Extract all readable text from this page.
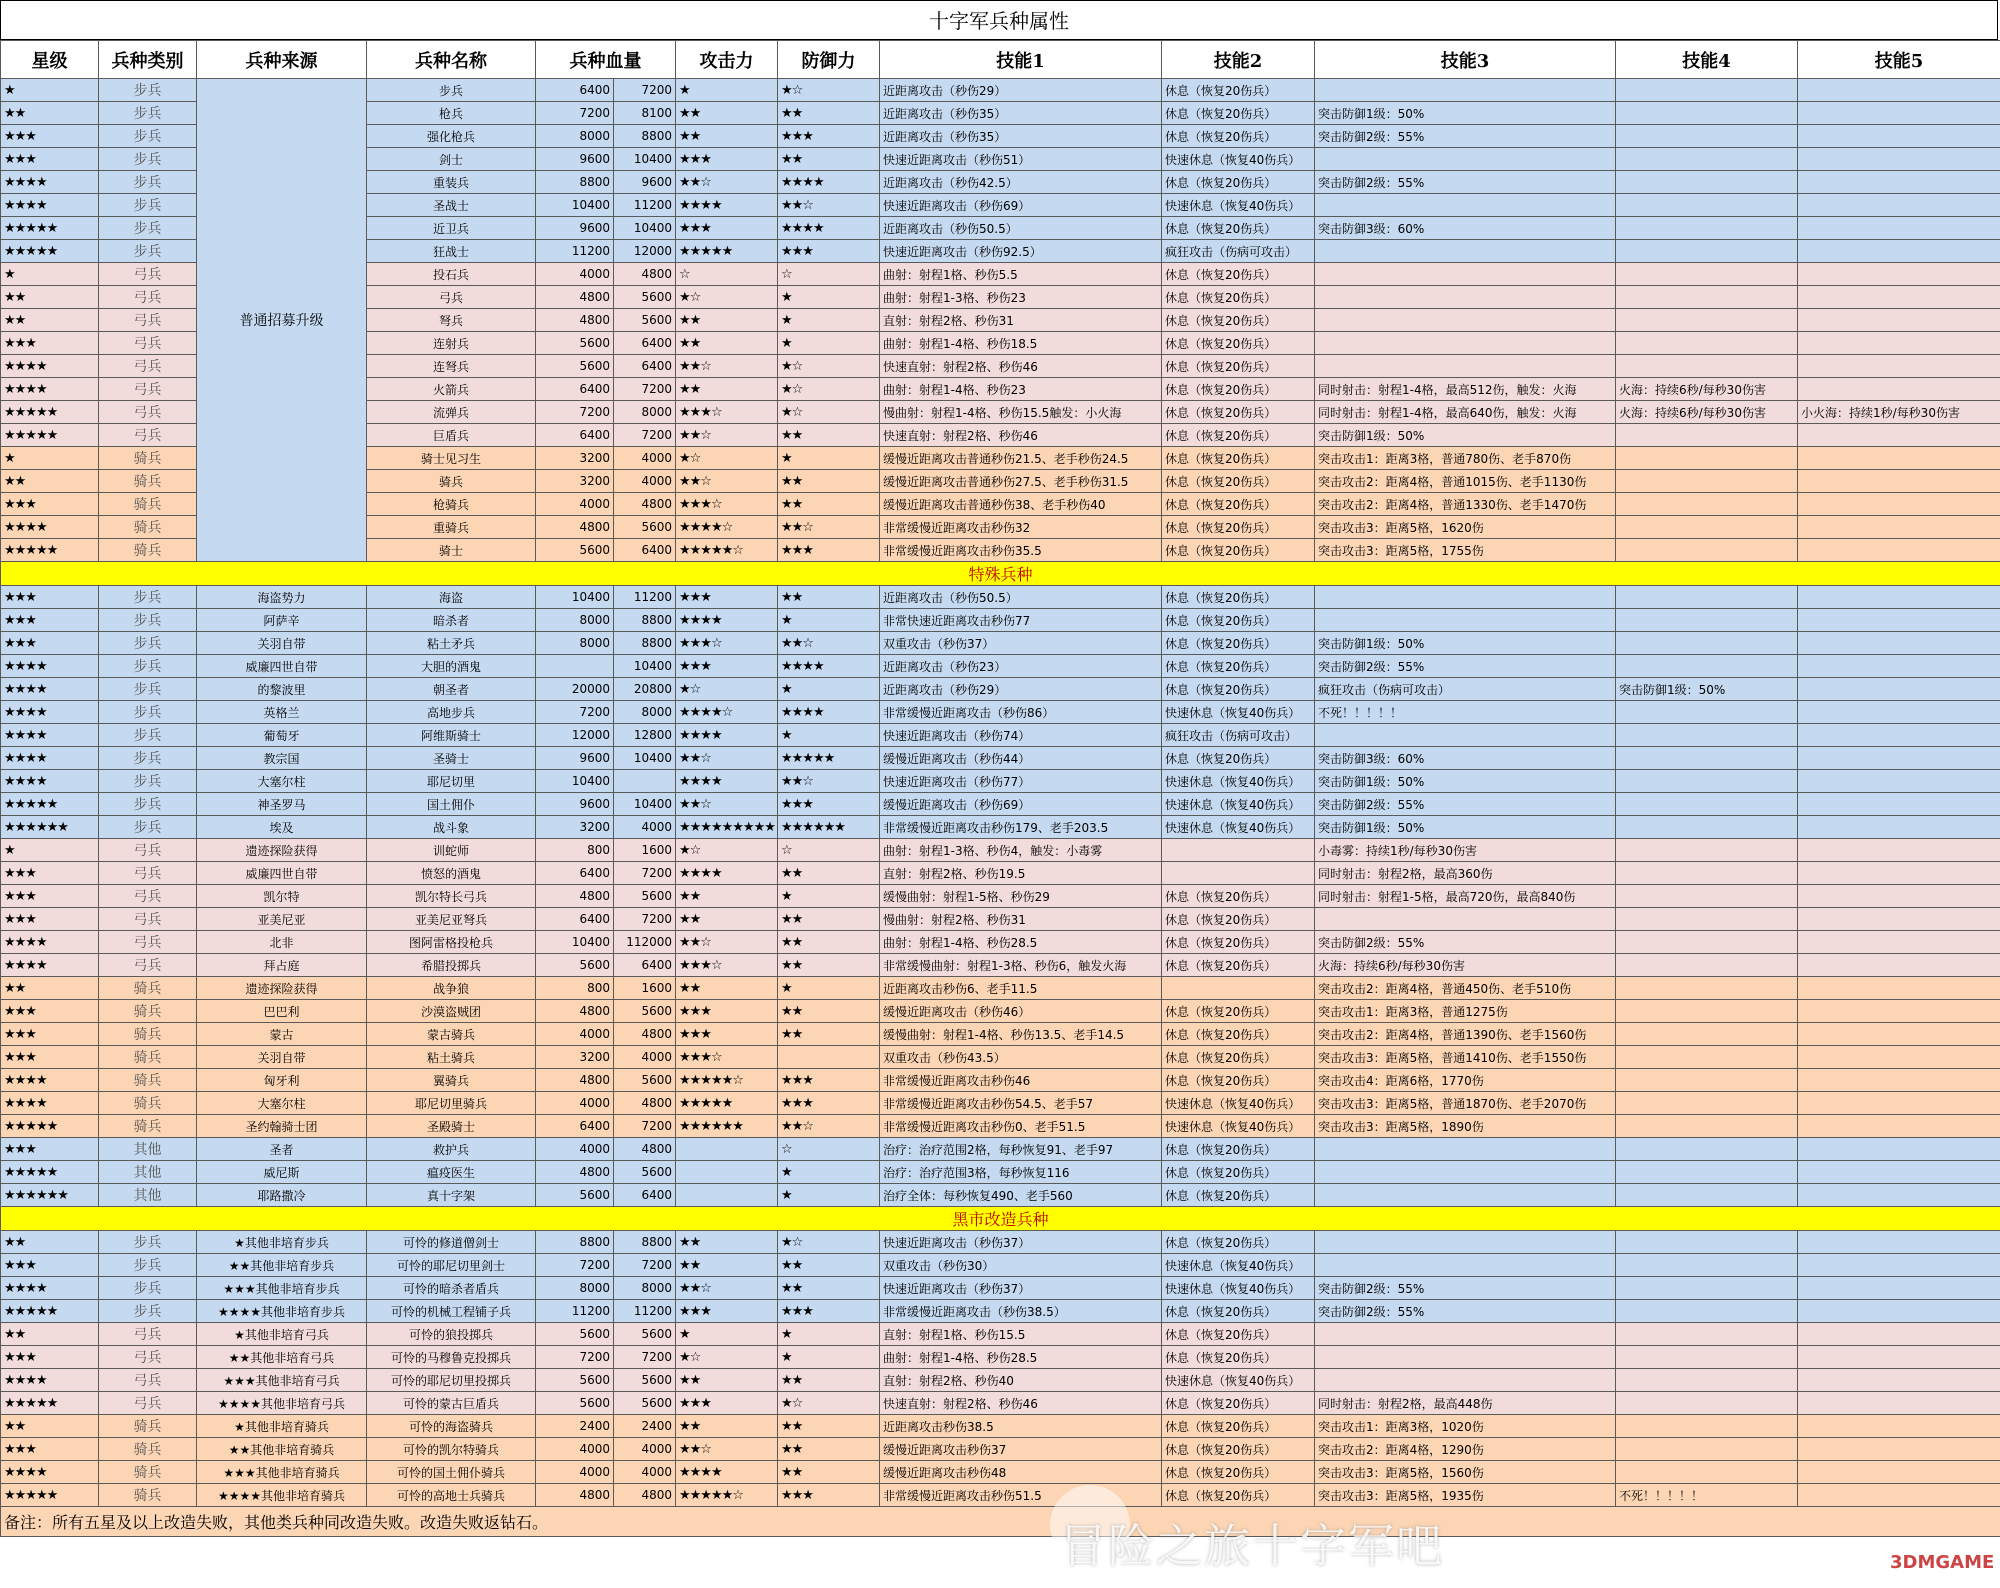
十字军兵种属性
星级	兵种类别	兵种来源	兵种名称	兵种血量		攻击力	防御力	技能1	技能2	技能3	技能4	技能5
★	步兵	普通招募升级	步兵	6400	7200	★	★☆	近距离攻击（秒伤29）	休息（恢复20伤兵）			
★★	步兵		枪兵	7200	8100	★★	★★	近距离攻击（秒伤35）	休息（恢复20伤兵）	突击防御1级：50%		
★★★	步兵		强化枪兵	8000	8800	★★	★★★	近距离攻击（秒伤35）	休息（恢复20伤兵）	突击防御2级：55%		
★★★	步兵		剑士	9600	10400	★★★	★★	快速近距离攻击（秒伤51）	快速休息（恢复40伤兵）			
★★★★	步兵		重装兵	8800	9600	★★☆	★★★★	近距离攻击（秒伤42.5）	休息（恢复20伤兵）	突击防御2级：55%		
★★★★	步兵		圣战士	10400	11200	★★★★	★★☆	快速近距离攻击（秒伤69）	快速休息（恢复40伤兵）			
★★★★★	步兵		近卫兵	9600	10400	★★★	★★★★	近距离攻击（秒伤50.5）	休息（恢复20伤兵）	突击防御3级：60%		
★★★★★	步兵		狂战士	11200	12000	★★★★★	★★★	快速近距离攻击（秒伤92.5）	疯狂攻击（伤病可攻击）			
★	弓兵		投石兵	4000	4800	☆	☆	曲射：射程1格、秒伤5.5	休息（恢复20伤兵）			
★★	弓兵		弓兵	4800	5600	★☆	★	曲射：射程1-3格、秒伤23	休息（恢复20伤兵）			
★★	弓兵		弩兵	4800	5600	★★	★	直射：射程2格、秒伤31	休息（恢复20伤兵）			
★★★	弓兵		连射兵	5600	6400	★★	★	曲射：射程1-4格、秒伤18.5	休息（恢复20伤兵）			
★★★★	弓兵		连弩兵	5600	6400	★★☆	★☆	快速直射：射程2格、秒伤46	休息（恢复20伤兵）			
★★★★	弓兵		火箭兵	6400	7200	★★	★☆	曲射：射程1-4格、秒伤23	休息（恢复20伤兵）	同时射击：射程1-4格，最高512伤，触发：火海	火海：持续6秒/每秒30伤害	
★★★★★	弓兵		流弹兵	7200	8000	★★★☆	★☆	慢曲射：射程1-4格、秒伤15.5触发：小火海	休息（恢复20伤兵）	同时射击：射程1-4格，最高640伤，触发：火海	火海：持续6秒/每秒30伤害	小火海：持续1秒/每秒30伤害
★★★★★	弓兵		巨盾兵	6400	7200	★★☆	★★	快速直射：射程2格、秒伤46	休息（恢复20伤兵）	突击防御1级：50%		
★	骑兵		骑士见习生	3200	4000	★☆	★	缓慢近距离攻击普通秒伤21.5、老手秒伤24.5	休息（恢复20伤兵）	突击攻击1：距离3格，普通780伤、老手870伤		
★★	骑兵		骑兵	3200	4000	★★☆	★★	缓慢近距离攻击普通秒伤27.5、老手秒伤31.5	休息（恢复20伤兵）	突击攻击2：距离4格，普通1015伤、老手1130伤		
★★★	骑兵		枪骑兵	4000	4800	★★★☆	★★	缓慢近距离攻击普通秒伤38、老手秒伤40	休息（恢复20伤兵）	突击攻击2：距离4格，普通1330伤、老手1470伤		
★★★★	骑兵		重骑兵	4800	5600	★★★★☆	★★☆	非常缓慢近距离攻击秒伤32	休息（恢复20伤兵）	突击攻击3：距离5格，1620伤		
★★★★★	骑兵		骑士	5600	6400	★★★★★☆	★★★	非常缓慢近距离攻击秒伤35.5	休息（恢复20伤兵）	突击攻击3：距离5格，1755伤		
特殊兵种												
★★★	步兵	海盗势力	海盗	10400	11200	★★★	★★	近距离攻击（秒伤50.5）	休息（恢复20伤兵）			
★★★	步兵	阿萨辛	暗杀者	8000	8800	★★★★	★	非常快速近距离攻击秒伤77	休息（恢复20伤兵）			
★★★	步兵	关羽自带	粘土矛兵	8000	8800	★★★☆	★★☆	双重攻击（秒伤37）	休息（恢复20伤兵）	突击防御1级：50%		
★★★★	步兵	威廉四世自带	大胆的酒鬼		10400	★★★	★★★★	近距离攻击（秒伤23）	休息（恢复20伤兵）	突击防御2级：55%		
★★★★	步兵	的黎波里	朝圣者	20000	20800	★☆	★	近距离攻击（秒伤29）	休息（恢复20伤兵）	疯狂攻击（伤病可攻击）	突击防御1级：50%	
★★★★	步兵	英格兰	高地步兵	7200	8000	★★★★☆	★★★★	非常缓慢近距离攻击（秒伤86）	快速休息（恢复40伤兵）	不死！！！！！		
★★★★	步兵	葡萄牙	阿维斯骑士	12000	12800	★★★★	★	快速近距离攻击（秒伤74）	疯狂攻击（伤病可攻击）			
★★★★	步兵	教宗国	圣骑士	9600	10400	★★☆	★★★★★	缓慢近距离攻击（秒伤44）	休息（恢复20伤兵）	突击防御3级：60%		
★★★★	步兵	大塞尔柱	耶尼切里	10400		★★★★	★★☆	快速近距离攻击（秒伤77）	快速休息（恢复40伤兵）	突击防御1级：50%		
★★★★★	步兵	神圣罗马	国土佣仆	9600	10400	★★☆	★★★	缓慢近距离攻击（秒伤69）	快速休息（恢复40伤兵）	突击防御2级：55%		
★★★★★★	步兵	埃及	战斗象	3200	4000	★★★★★★★★★	★★★★★★	非常缓慢近距离攻击秒伤179、老手203.5	快速休息（恢复40伤兵）	突击防御1级：50%		
★	弓兵	遗迹探险获得	训蛇师	800	1600	★☆	☆	曲射：射程1-3格、秒伤4，触发：小毒雾		小毒雾：持续1秒/每秒30伤害		
★★★	弓兵	威廉四世自带	愤怒的酒鬼	6400	7200	★★★★	★★	直射：射程2格、秒伤19.5		同时射击：射程2格，最高360伤		
★★★	弓兵	凯尔特	凯尔特长弓兵	4800	5600	★★	★	缓慢曲射：射程1-5格、秒伤29	休息（恢复20伤兵）	同时射击：射程1-5格，最高720伤，最高840伤		
★★★	弓兵	亚美尼亚	亚美尼亚弩兵	6400	7200	★★	★★	慢曲射：射程2格、秒伤31	休息（恢复20伤兵）			
★★★★	弓兵	北非	图阿雷格投枪兵	10400	112000	★★☆	★★	曲射：射程1-4格、秒伤28.5	休息（恢复20伤兵）	突击防御2级：55%		
★★★★	弓兵	拜占庭	希腊投掷兵	5600	6400	★★★☆	★★	非常缓慢曲射：射程1-3格、秒伤6，触发火海	休息（恢复20伤兵）	火海：持续6秒/每秒30伤害		
★★	骑兵	遗迹探险获得	战争狼	800	1600	★★	★	近距离攻击秒伤6、老手11.5		突击攻击2：距离4格，普通450伤、老手510伤		
★★★	骑兵	巴巴利	沙漠盗贼团	4800	5600	★★★	★★	缓慢近距离攻击（秒伤46）	休息（恢复20伤兵）	突击攻击1：距离3格，普通1275伤		
★★★	骑兵	蒙古	蒙古骑兵	4000	4800	★★★	★★	缓慢曲射：射程1-4格、秒伤13.5、老手14.5	休息（恢复20伤兵）	突击攻击2：距离4格，普通1390伤、老手1560伤		
★★★	骑兵	关羽自带	粘土骑兵	3200	4000	★★★☆		双重攻击（秒伤43.5）	休息（恢复20伤兵）	突击攻击3：距离5格，普通1410伤、老手1550伤		
★★★★	骑兵	匈牙利	翼骑兵	4800	5600	★★★★★☆	★★★	非常缓慢近距离攻击秒伤46	休息（恢复20伤兵）	突击攻击4：距离6格，1770伤		
★★★★	骑兵	大塞尔柱	耶尼切里骑兵	4000	4800	★★★★★	★★★	非常缓慢近距离攻击秒伤54.5、老手57	快速休息（恢复40伤兵）	突击攻击3：距离5格，普通1870伤、老手2070伤		
★★★★★	骑兵	圣约翰骑士团	圣殿骑士	6400	7200	★★★★★★	★★☆	非常缓慢近距离攻击秒伤0、老手51.5	快速休息（恢复40伤兵）	突击攻击3：距离5格，1890伤		
★★★	其他	圣者	救护兵	4000	4800		☆	治疗：治疗范围2格，每秒恢复91、老手97	休息（恢复20伤兵）			
★★★★★	其他	威尼斯	瘟疫医生	4800	5600		★	治疗：治疗范围3格，每秒恢复116	休息（恢复20伤兵）			
★★★★★★	其他	耶路撒冷	真十字架	5600	6400		★	治疗全体：每秒恢复490、老手560	休息（恢复20伤兵）			
黑市改造兵种												
★★	步兵	★其他非培育步兵	可怜的修道僧剑士	8800	8800	★★	★☆	快速近距离攻击（秒伤37）	休息（恢复20伤兵）			
★★★	步兵	★★其他非培育步兵	可怜的耶尼切里剑士	7200	7200	★★	★★	双重攻击（秒伤30）	快速休息（恢复40伤兵）			
★★★★	步兵	★★★其他非培育步兵	可怜的暗杀者盾兵	8000	8000	★★☆	★★	快速近距离攻击（秒伤37）	快速休息（恢复40伤兵）	突击防御2级：55%		
★★★★★	步兵	★★★★其他非培育步兵	可怜的机械工程铺子兵	11200	11200	★★★	★★★	非常缓慢近距离攻击（秒伤38.5）	休息（恢复20伤兵）	突击防御2级：55%		
★★	弓兵	★其他非培育弓兵	可怜的狼投掷兵	5600	5600	★	★	直射：射程1格、秒伤15.5	休息（恢复20伤兵）			
★★★	弓兵	★★其他非培育弓兵	可怜的马穆鲁克投掷兵	7200	7200	★☆	★	曲射：射程1-4格、秒伤28.5	休息（恢复20伤兵）			
★★★★	弓兵	★★★其他非培育弓兵	可怜的耶尼切里投掷兵	5600	5600	★★	★★	直射：射程2格、秒伤40	快速休息（恢复40伤兵）			
★★★★★	弓兵	★★★★其他非培育弓兵	可怜的蒙古巨盾兵	5600	5600	★★★	★☆	快速直射：射程2格、秒伤46	休息（恢复20伤兵）	同时射击：射程2格，最高448伤		
★★	骑兵	★其他非培育骑兵	可怜的海盗骑兵	2400	2400	★★	★★	近距离攻击秒伤38.5	休息（恢复20伤兵）	突击攻击1：距离3格，1020伤		
★★★	骑兵	★★其他非培育骑兵	可怜的凯尔特骑兵	4000	4000	★★☆	★★	缓慢近距离攻击秒伤37	休息（恢复20伤兵）	突击攻击2：距离4格，1290伤		
★★★★	骑兵	★★★其他非培育骑兵	可怜的国土佣仆骑兵	4000	4000	★★★★	★★	缓慢近距离攻击秒伤48	休息（恢复20伤兵）	突击攻击3：距离5格，1560伤		
★★★★★	骑兵	★★★★其他非培育骑兵	可怜的高地士兵骑兵	4800	4800	★★★★★☆	★★★	非常缓慢近距离攻击秒伤51.5	休息（恢复20伤兵）	突击攻击3：距离5格，1935伤	不死！！！！！	
备注：所有五星及以上改造失败，其他类兵种同改造失败。改造失败返钻石。													冒险之旅十字军吧	3DMGAME
